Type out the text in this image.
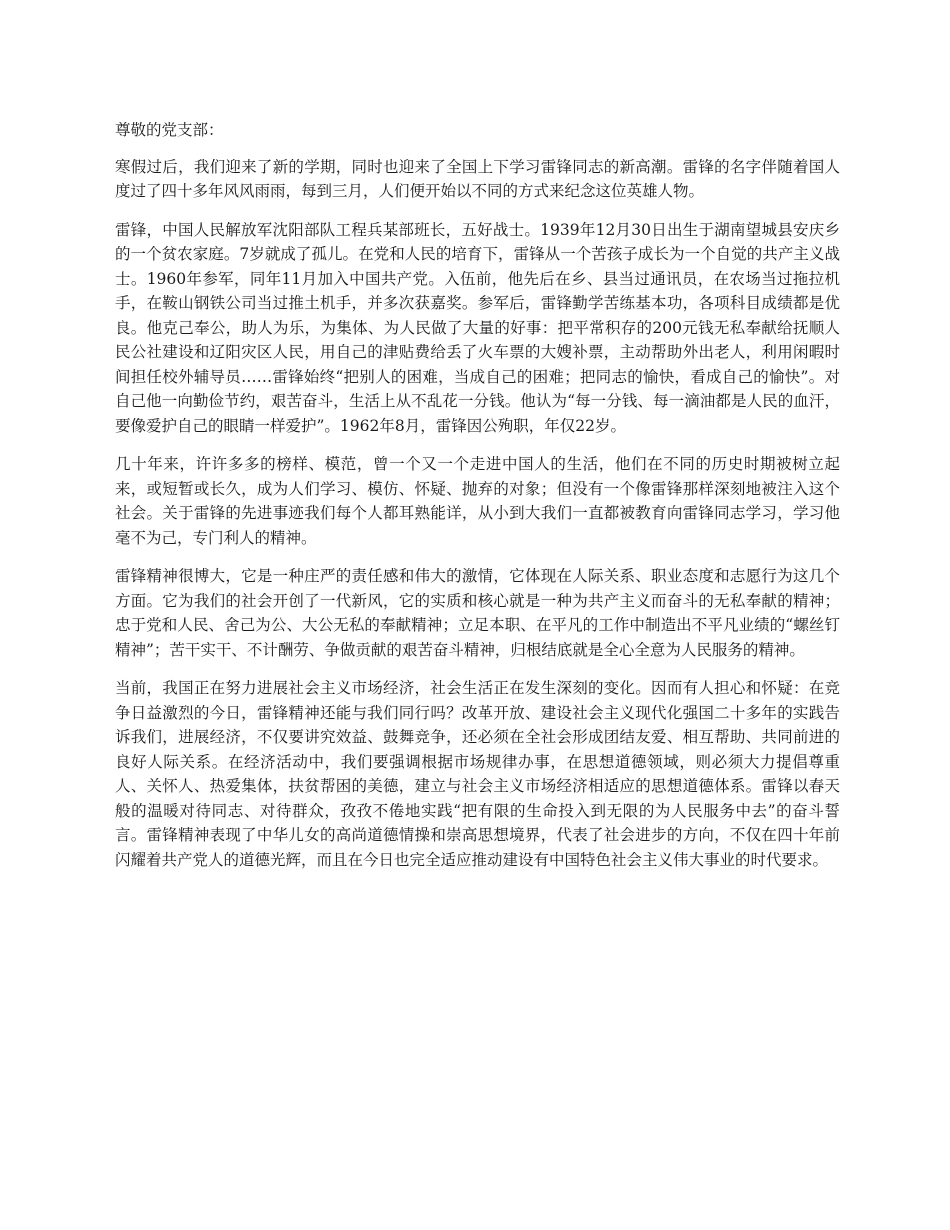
尊敬的党支部：

寒假过后，我们迎来了新的学期，同时也迎来了全国上下学习雷锋同志的新高潮。雷锋的名字伴随着国人度过了四十多年风风雨雨，每到三月，人们便开始以不同的方式来纪念这位英雄人物。

雷锋，中国人民解放军沈阳部队工程兵某部班长，五好战士。1939年12月30日出生于湖南望城县安庆乡的一个贫农家庭。7岁就成了孤儿。在党和人民的培育下，雷锋从一个苦孩子成长为一个自觉的共产主义战士。1960年参军，同年11月加入中国共产党。入伍前，他先后在乡、县当过通讯员，在农场当过拖拉机手，在鞍山钢铁公司当过推土机手，并多次获嘉奖。参军后，雷锋勤学苦练基本功，各项科目成绩都是优良。他克己奉公，助人为乐，为集体、为人民做了大量的好事：把平常积存的200元钱无私奉献给抚顺人民公社建设和辽阳灾区人民，用自己的津贴费给丢了火车票的大嫂补票，主动帮助外出老人，利用闲暇时间担任校外辅导员……雷锋始终“把别人的困难，当成自己的困难；把同志的愉快，看成自己的愉快”。对自己他一向勤俭节约，艰苦奋斗，生活上从不乱花一分钱。他认为“每一分钱、每一滴油都是人民的血汗，要像爱护自己的眼睛一样爱护”。1962年8月，雷锋因公殉职，年仅22岁。

几十年来，许许多多的榜样、模范，曾一个又一个走进中国人的生活，他们在不同的历史时期被树立起来，或短暂或长久，成为人们学习、模仿、怀疑、抛弃的对象；但没有一个像雷锋那样深刻地被注入这个社会。关于雷锋的先进事迹我们每个人都耳熟能详，从小到大我们一直都被教育向雷锋同志学习，学习他毫不为己，专门利人的精神。

雷锋精神很博大，它是一种庄严的责任感和伟大的激情，它体现在人际关系、职业态度和志愿行为这几个方面。它为我们的社会开创了一代新风，它的实质和核心就是一种为共产主义而奋斗的无私奉献的精神；忠于党和人民、舍己为公、大公无私的奉献精神；立足本职、在平凡的工作中制造出不平凡业绩的“螺丝钉精神”；苦干实干、不计酬劳、争做贡献的艰苦奋斗精神，归根结底就是全心全意为人民服务的精神。

当前，我国正在努力进展社会主义市场经济，社会生活正在发生深刻的变化。因而有人担心和怀疑：在竞争日益激烈的今日，雷锋精神还能与我们同行吗？改革开放、建设社会主义现代化强国二十多年的实践告诉我们，进展经济，不仅要讲究效益、鼓舞竞争，还必须在全社会形成团结友爱、相互帮助、共同前进的良好人际关系。在经济活动中，我们要强调根据市场规律办事，在思想道德领域，则必须大力提倡尊重人、关怀人、热爱集体，扶贫帮困的美德，建立与社会主义市场经济相适应的思想道德体系。雷锋以春天般的温暖对待同志、对待群众，孜孜不倦地实践“把有限的生命投入到无限的为人民服务中去”的奋斗誓言。雷锋精神表现了中华儿女的高尚道德情操和崇高思想境界，代表了社会进步的方向，不仅在四十年前闪耀着共产党人的道德光辉，而且在今日也完全适应推动建设有中国特色社会主义伟大事业的时代要求。
